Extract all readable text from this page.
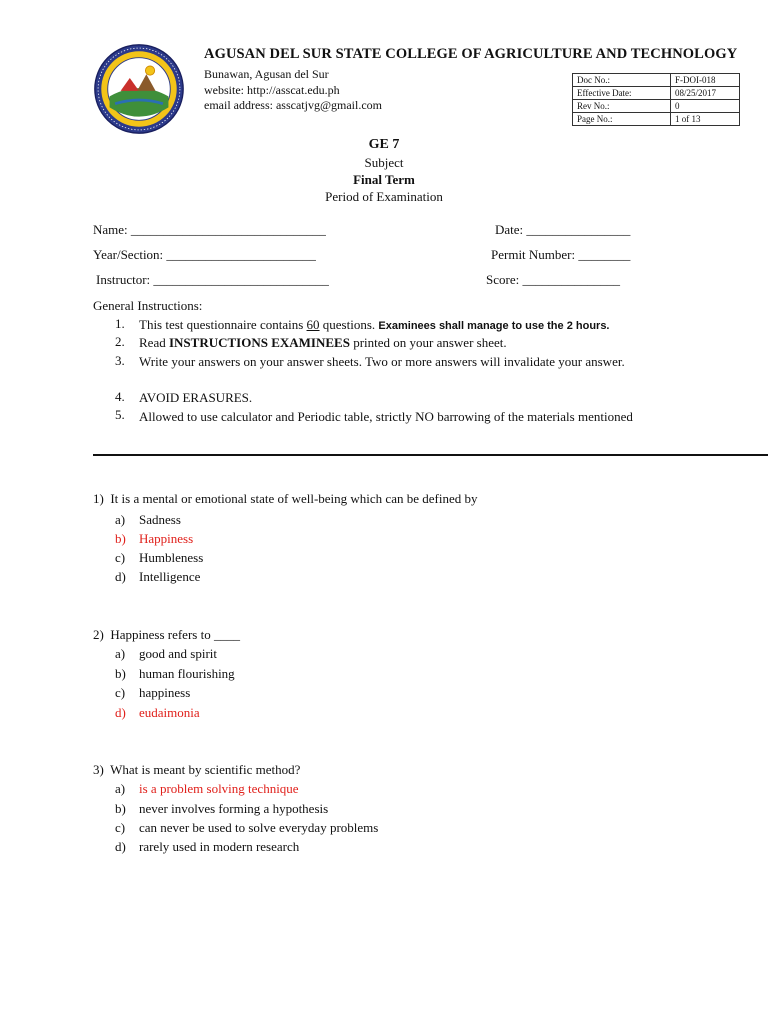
AGUSAN DEL SUR STATE COLLEGE OF AGRICULTURE AND TECHNOLOGY
Bunawan, Agusan del Sur
website: http://asscat.edu.ph
email address: asscatjvg@gmail.com
Doc No.:	F-DOI-018
Effective Date:	08/25/2017
Rev No.:	0
Page No.:	1 of 13
GE 7
Subject
Final Term
Period of Examination
Name: ______________________________	Date: ________________
Year/Section: _______________________	Permit Number: ________
Instructor: ___________________________	Score: _______________
General Instructions:
1.	This test questionnaire contains 60 questions. Examinees shall manage to use the 2 hours.
2.	Read INSTRUCTIONS EXAMINEES printed on your answer sheet.
3.	Write your answers on your answer sheets. Two or more answers will invalidate your answer.
4.	AVOID ERASURES.
5.	Allowed to use calculator and Periodic table, strictly NO barrowing of the materials mentioned
1) It is a mental or emotional state of well-being which can be defined by
a) Sadness
b) Happiness
c) Humbleness
d) Intelligence
2) Happiness refers to ____
a) good and spirit
b) human flourishing
c) happiness
d) eudaimonia
3) What is meant by scientific method?
a) is a problem solving technique
b) never involves forming a hypothesis
c) can never be used to solve everyday problems
d) rarely used in modern research
